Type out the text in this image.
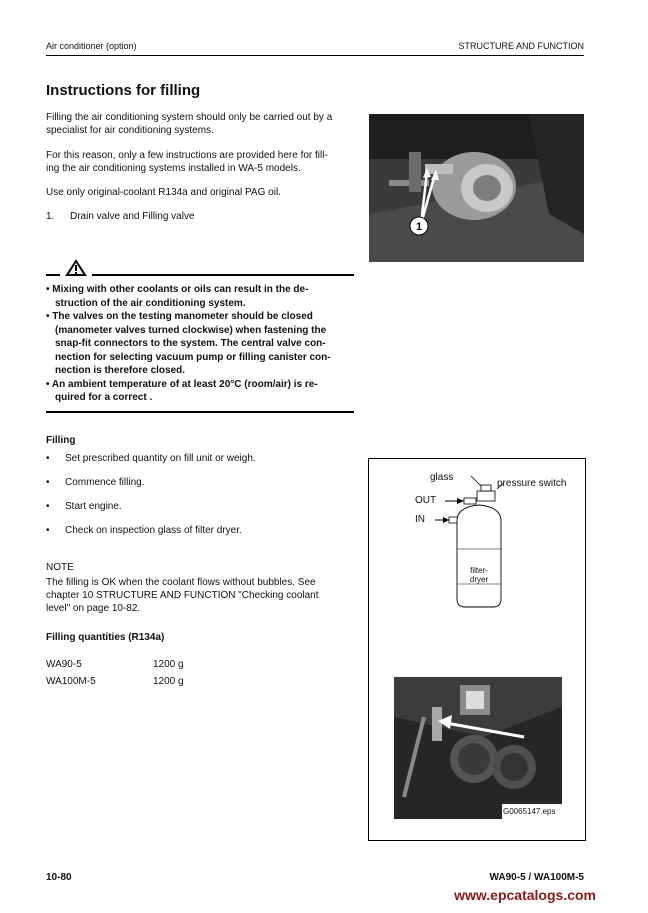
Air conditioner (option)	STRUCTURE AND FUNCTION
Instructions for filling
Filling the air conditioning system should only be carried out by a
specialist for air conditioning systems.
For this reason, only a few instructions are provided here for fill-
ing the air conditioning systems installed in WA-5 models.
Use only original-coolant R134a and original PAG oil.
1. Drain valve and Filling valve
1
• Mixing with other coolants or oils can result in the de-
struction of the air conditioning system.
• The valves on the testing manometer should be closed
(manometer valves turned clockwise) when fastening the
snap-fit connectors to the system. The central valve con-
nection for selecting vacuum pump or filling canister con-
nection is therefore closed.
• An ambient temperature of at least 20°C (room/air) is re-
quired for a correct .
Filling
• Set prescribed quantity on fill unit or weigh.
• Commence filling.
• Start engine.
• Check on inspection glass of filter dryer.
NOTE
The filling is OK when the coolant flows without bubbles. See
chapter 10 STRUCTURE AND FUNCTION "Checking coolant
level" on page 10-82.
Filling quantities (R134a)
WA90-5	1200 g
WA100M-5	1200 g
glass
pressure switch
OUT
IN
filter-
dryer
G0065147.eps
10-80	WA90-5 / WA100M-5
www.epcatalogs.com
